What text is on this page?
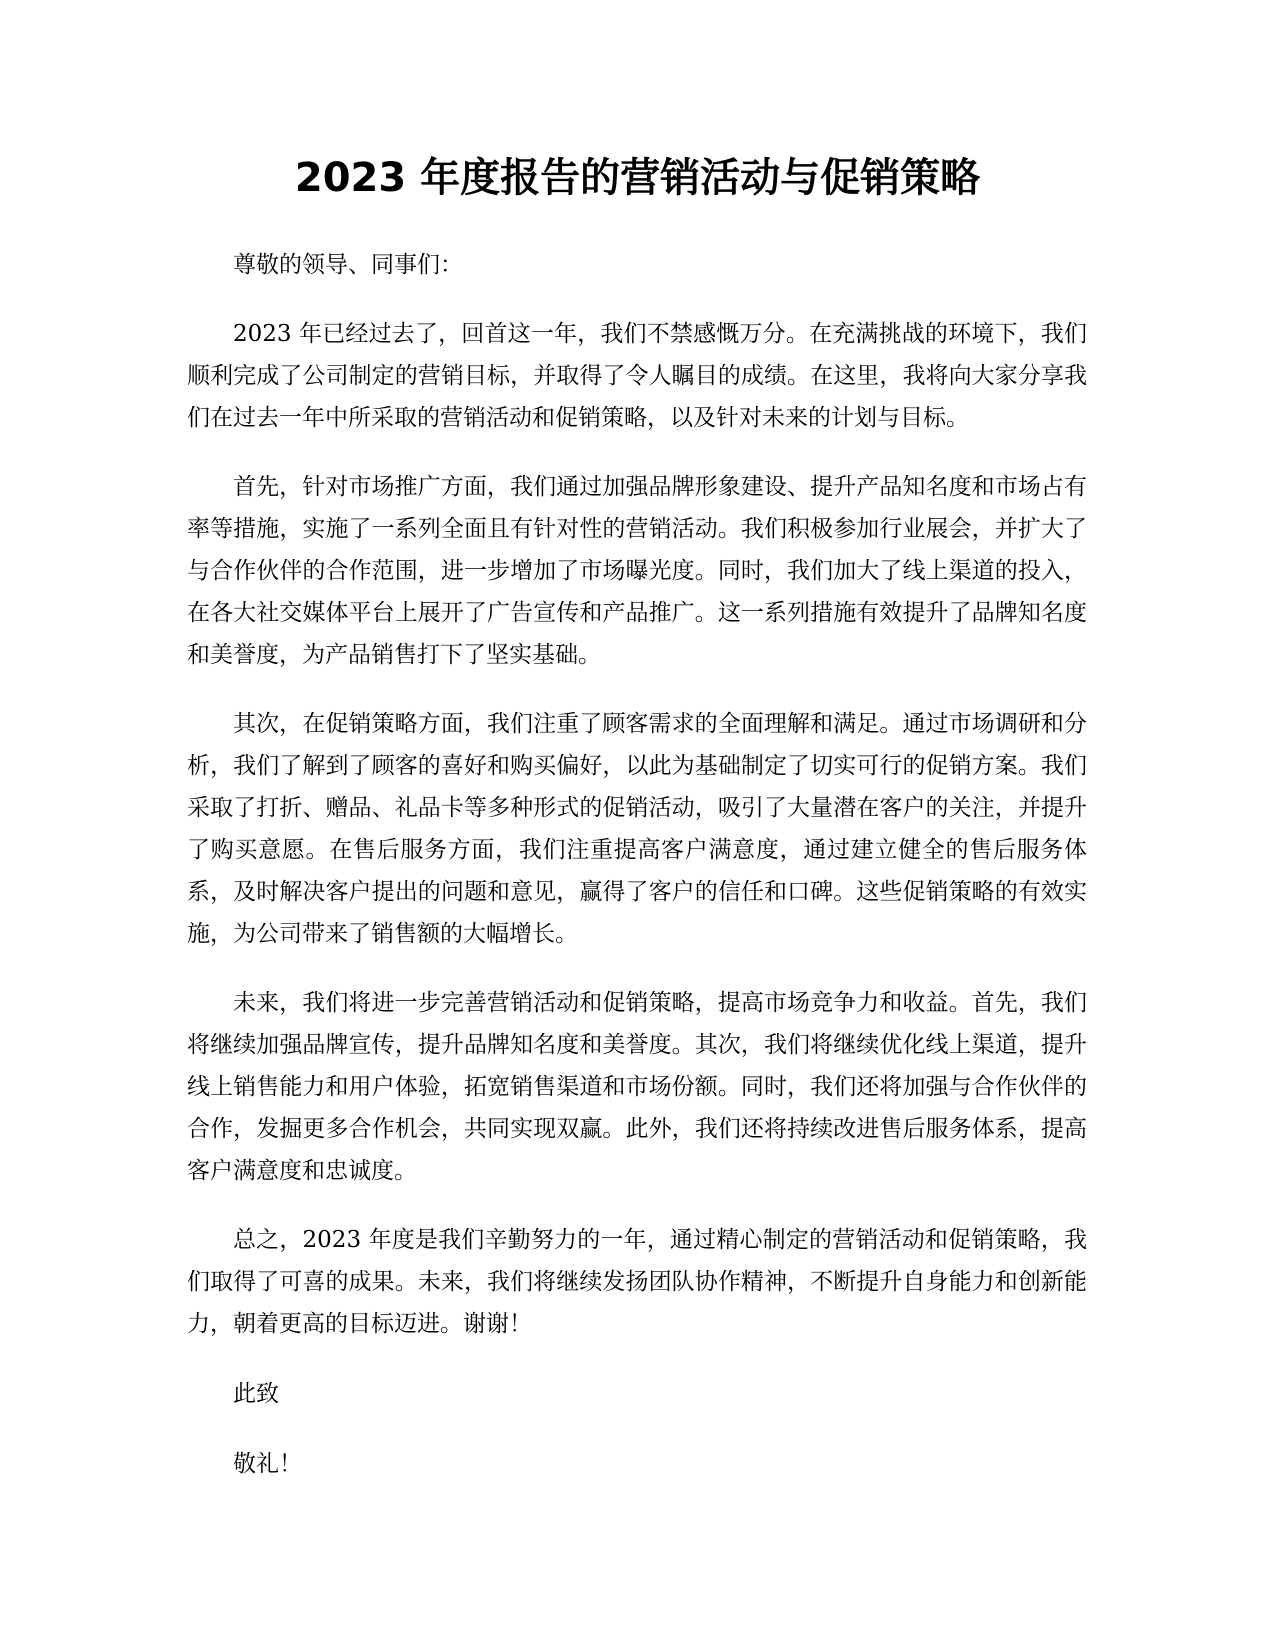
2023 年度报告的营销活动与促销策略

尊敬的领导、同事们：

2023 年已经过去了，回首这一年，我们不禁感慨万分。在充满挑战的环境下，我们顺利完成了公司制定的营销目标，并取得了令人瞩目的成绩。在这里，我将向大家分享我们在过去一年中所采取的营销活动和促销策略，以及针对未来的计划与目标。

首先，针对市场推广方面，我们通过加强品牌形象建设、提升产品知名度和市场占有率等措施，实施了一系列全面且有针对性的营销活动。我们积极参加行业展会，并扩大了与合作伙伴的合作范围，进一步增加了市场曝光度。同时，我们加大了线上渠道的投入，在各大社交媒体平台上展开了广告宣传和产品推广。这一系列措施有效提升了品牌知名度和美誉度，为产品销售打下了坚实基础。

其次，在促销策略方面，我们注重了顾客需求的全面理解和满足。通过市场调研和分析，我们了解到了顾客的喜好和购买偏好，以此为基础制定了切实可行的促销方案。我们采取了打折、赠品、礼品卡等多种形式的促销活动，吸引了大量潜在客户的关注，并提升了购买意愿。在售后服务方面，我们注重提高客户满意度，通过建立健全的售后服务体系，及时解决客户提出的问题和意见，赢得了客户的信任和口碑。这些促销策略的有效实施，为公司带来了销售额的大幅增长。

未来，我们将进一步完善营销活动和促销策略，提高市场竞争力和收益。首先，我们将继续加强品牌宣传，提升品牌知名度和美誉度。其次，我们将继续优化线上渠道，提升线上销售能力和用户体验，拓宽销售渠道和市场份额。同时，我们还将加强与合作伙伴的合作，发掘更多合作机会，共同实现双赢。此外，我们还将持续改进售后服务体系，提高客户满意度和忠诚度。

总之，2023 年度是我们辛勤努力的一年，通过精心制定的营销活动和促销策略，我们取得了可喜的成果。未来，我们将继续发扬团队协作精神，不断提升自身能力和创新能力，朝着更高的目标迈进。谢谢！

此致

敬礼！
